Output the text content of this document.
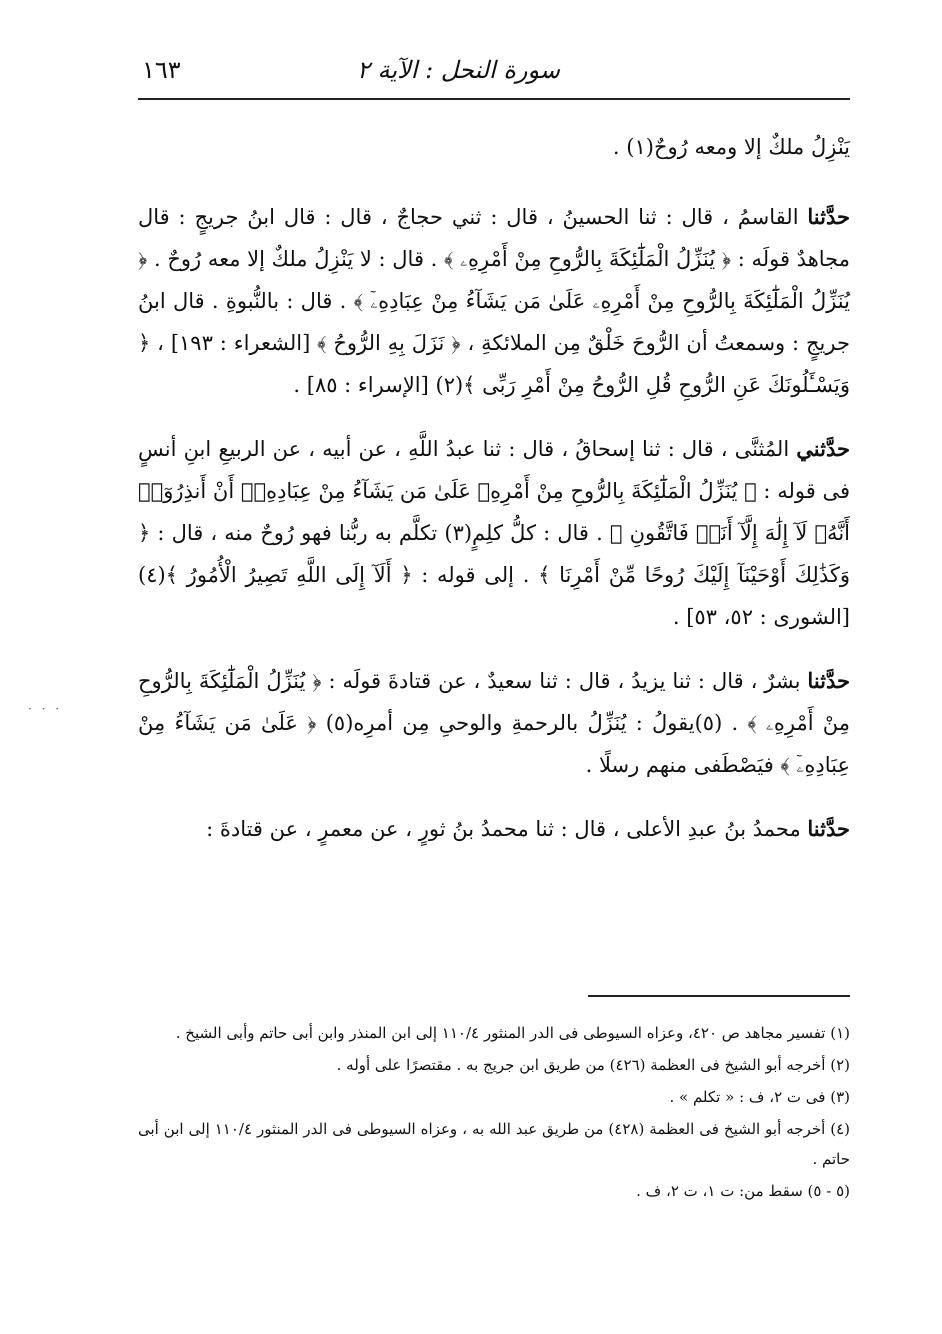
سورة النحل : الآية ٢
١٦٣

يَنْزِلُ ملكٌ إلا ومعه رُوحٌ(١) .

حدَّثنا القاسمُ ، قال : ثنا الحسينُ ، قال : ثني حجاجٌ ، قال : قال ابنُ جريجٍ : قال مجاهدٌ قولَه : ﴿ يُنَزِّلُ الْمَلَٰٓئِكَةَ بِالرُّوحِ مِنْ أَمْرِهِۦ ﴾ . قال : لا يَنْزِلُ ملكٌ إلا معه رُوحٌ . ﴿ يُنَزِّلُ الْمَلَٰٓئِكَةَ بِالرُّوحِ مِنْ أَمْرِهِۦ عَلَىٰ مَن يَشَآءُ مِنْ عِبَادِهِۦٓ ﴾ . قال : بالنُّبوةِ . قال ابنُ جريجٍ : وسمعتُ أن الرُّوحَ خَلْقٌ مِن الملائكةِ ، ﴿ نَزَلَ بِهِ الرُّوحُ ﴾ [الشعراء : ١٩٣] ، ﴿ وَيَسْـَٔلُونَكَ عَنِ الرُّوحِ قُلِ الرُّوحُ مِنْ أَمْرِ رَبِّى ﴾(٢) [الإسراء : ٨٥] .

حدَّثني المُثنَّى ، قال : ثنا إسحاقُ ، قال : ثنا عبدُ اللَّهِ ، عن أبيه ، عن الربيعِ ابنِ أنسٍ فى قوله : ﴿ يُنَزِّلُ الْمَلَٰٓئِكَةَ بِالرُّوحِ مِنْ أَمْرِهِۦ عَلَىٰ مَن يَشَآءُ مِنْ عِبَادِهِۦٓ أَنْ أَنذِرُوٓا۟ أَنَّهُۥ لَآ إِلَٰهَ إِلَّآ أَنَا۠ فَاتَّقُونِ ﴾ . قال : كلُّ كلِمٍ(٣) تكلَّم به ربُّنا فهو رُوحٌ منه ، قال : ﴿ وَكَذَٰلِكَ أَوْحَيْنَآ إِلَيْكَ رُوحًا مِّنْ أَمْرِنَا ﴾ . إلى قوله : ﴿ أَلَآ إِلَى اللَّهِ تَصِيرُ الْأُمُورُ ﴾(٤) [الشورى : ٥٢، ٥٣] .

حدَّثنا بشرٌ ، قال : ثنا يزيدُ ، قال : ثنا سعيدٌ ، عن قتادةَ قولَه : ﴿ يُنَزِّلُ الْمَلَٰٓئِكَةَ بِالرُّوحِ مِنْ أَمْرِهِۦ ﴾ . (٥)يقولُ : يُنَزِّلُ بالرحمةِ والوحىِ مِن أمرِه(٥) ﴿ عَلَىٰ مَن يَشَآءُ مِنْ عِبَادِهِۦٓ ﴾ فيَصْطَفى منهم رسلًا .

حدَّثنا محمدُ بنُ عبدِ الأعلى ، قال : ثنا محمدُ بنُ ثورٍ ، عن معمرٍ ، عن قتادةَ :

(١) تفسير مجاهد ص ٤٢٠، وعزاه السيوطى فى الدر المنثور ١١٠/٤ إلى ابن المنذر وابن أبى حاتم وأبى الشيخ .

(٢) أخرجه أبو الشيخ فى العظمة (٤٢٦) من طريق ابن جريج به . مقتصرًا على أوله .

(٣) فى ت ٢، ف : « تكلم » .

(٤) أخرجه أبو الشيخ فى العظمة (٤٢٨) من طريق عبد الله به ، وعزاه السيوطى فى الدر المنثور ١١٠/٤ إلى ابن أبى حاتم .

(٥ - ٥) سقط من: ت ١، ت ٢، ف .

· · ·
